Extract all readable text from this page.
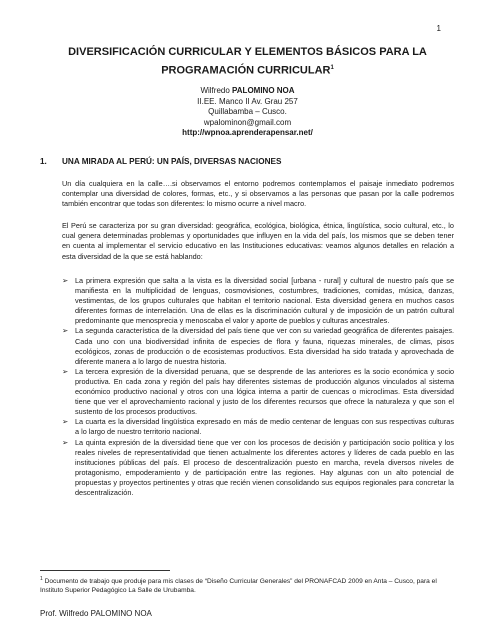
1
DIVERSIFICACIÓN CURRICULAR Y ELEMENTOS BÁSICOS PARA LA PROGRAMACIÓN CURRICULAR$^1$
Wilfredo PALOMINO NOA
II.EE. Manco II Av. Grau 257
Quillabamba – Cusco.
wpalominon@gmail.com
http://wpnoa.aprenderapensar.net/
1. UNA MIRADA AL PERÚ: UN PAÍS, DIVERSAS NACIONES
Un día cualquiera en la calle….si observamos el entorno podremos contemplamos el paisaje inmediato podremos contemplar una diversidad de colores, formas, etc., y si observamos a las personas que pasan por la calle podremos también encontrar que todas son diferentes: lo mismo ocurre a nivel macro.
El Perú se caracteriza por su gran diversidad: geográfica, ecológica, biológica, étnica, lingüística, socio cultural, etc., lo cual genera determinadas problemas y oportunidades que influyen en la vida del país, los mismos que se deben tener en cuenta al implementar el servicio educativo en las Instituciones educativas: veamos algunos detalles en relación a esta diversidad de la que se está hablando:
➢ La primera expresión que salta a la vista es la diversidad social [urbana - rural] y cultural de nuestro país que se manifiesta en la multiplicidad de lenguas, cosmovisiones, costumbres, tradiciones, comidas, música, danzas, vestimentas, de los grupos culturales que habitan el territorio nacional. Esta diversidad genera en muchos casos diferentes formas de interrelación. Una de ellas es la discriminación cultural y de imposición de un patrón cultural predominante que menosprecia y menoscaba el valor y aporte de pueblos y culturas ancestrales.
➢ La segunda característica de la diversidad del país tiene que ver con su variedad geográfica de diferentes paisajes. Cada uno con una biodiversidad infinita de especies de flora y fauna, riquezas minerales, de climas, pisos ecológicos, zonas de producción o de ecosistemas productivos. Esta diversidad ha sido tratada y aprovechada de diferente manera a lo largo de nuestra historia.
➢ La tercera expresión de la diversidad peruana, que se desprende de las anteriores es la socio económica y socio productiva. En cada zona y región del país hay diferentes sistemas de producción algunos vinculados al sistema económico productivo nacional y otros con una lógica interna a partir de cuencas o microclimas. Esta diversidad tiene que ver el aprovechamiento racional y justo de los diferentes recursos que ofrece la naturaleza y que son el sustento de los procesos productivos.
➢ La cuarta es la diversidad lingüística expresado en más de medio centenar de lenguas con sus respectivas culturas a lo largo de nuestro territorio nacional.
➢ La quinta expresión de la diversidad tiene que ver con los procesos de decisión y participación socio política y los reales niveles de representatividad que tienen actualmente los diferentes actores y líderes de cada pueblo en las instituciones públicas del país. El proceso de descentralización puesto en marcha, revela diversos niveles de protagonismo, empoderamiento y de participación entre las regiones. Hay algunas con un alto potencial de propuestas y proyectos pertinentes y otras que recién vienen consolidando sus equipos regionales para concretar la descentralización.
$^1$ Documento de trabajo que produje para mis clases de “Diseño Curricular Generales” del PRONAFCAD 2009 en Anta – Cusco, para el Instituto Superior Pedagógico La Salle de Urubamba.
Prof. Wilfredo PALOMINO NOA
